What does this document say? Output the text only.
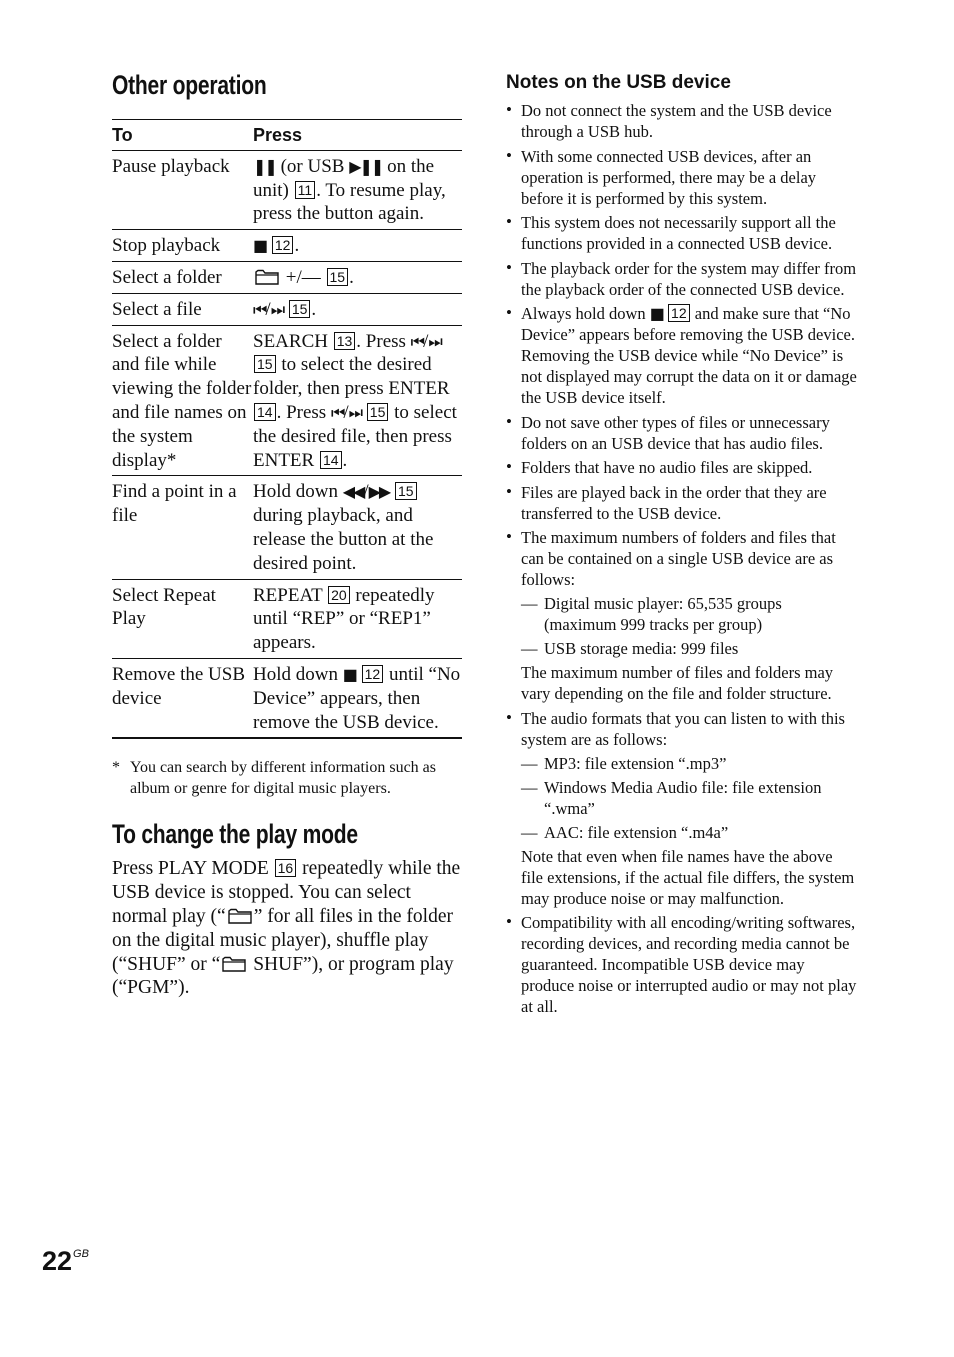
Other operation
To	Press
Pause playback	❚❚ (or USB ▶❚❚ on the unit) 11 . To resume play, press the button again.
Stop playback	■ 12 .
Select a folder	+/— 15 .
Select a file	⏮/⏭ 15 .
Select a folder and file while viewing the folder and file names on the system display*	SEARCH 13 . Press ⏮/⏭ 15 to select the desired folder, then press ENTER 14 . Press ⏮/⏭ 15 to select the desired file, then press ENTER 14 .
Find a point in a file	Hold down ◀◀/▶▶ 15 during playback, and release the button at the desired point.
Select Repeat Play	REPEAT 20 repeatedly until “REP” or “REP1” appears.
Remove the USB device	Hold down ■ 12 until “No Device” appears, then remove the USB device.
* You can search by different information such as album or genre for digital music players.
To change the play mode
Press PLAY MODE 16 repeatedly while the USB device is stopped. You can select normal play (“ ” for all files in the folder on the digital music player), shuffle play (“SHUF” or “ SHUF”), or program play (“PGM”).
Notes on the USB device
• Do not connect the system and the USB device through a USB hub.
• With some connected USB devices, after an operation is performed, there may be a delay before it is performed by this system.
• This system does not necessarily support all the functions provided in a connected USB device.
• The playback order for the system may differ from the playback order of the connected USB device.
• Always hold down ■ 12 and make sure that “No Device” appears before removing the USB device. Removing the USB device while “No Device” is not displayed may corrupt the data on it or damage the USB device itself.
• Do not save other types of files or unnecessary folders on an USB device that has audio files.
• Folders that have no audio files are skipped.
• Files are played back in the order that they are transferred to the USB device.
• The maximum numbers of folders and files that can be contained on a single USB device are as follows:
— Digital music player: 65,535 groups (maximum 999 tracks per group)
— USB storage media: 999 files
The maximum number of files and folders may vary depending on the file and folder structure.
• The audio formats that you can listen to with this system are as follows:
— MP3: file extension “.mp3”
— Windows Media Audio file: file extension “.wma”
— AAC: file extension “.m4a”
Note that even when file names have the above file extensions, if the actual file differs, the system may produce noise or may malfunction.
• Compatibility with all encoding/writing softwares, recording devices, and recording media cannot be guaranteed. Incompatible USB device may produce noise or interrupted audio or may not play at all.
$22^{GB}$
